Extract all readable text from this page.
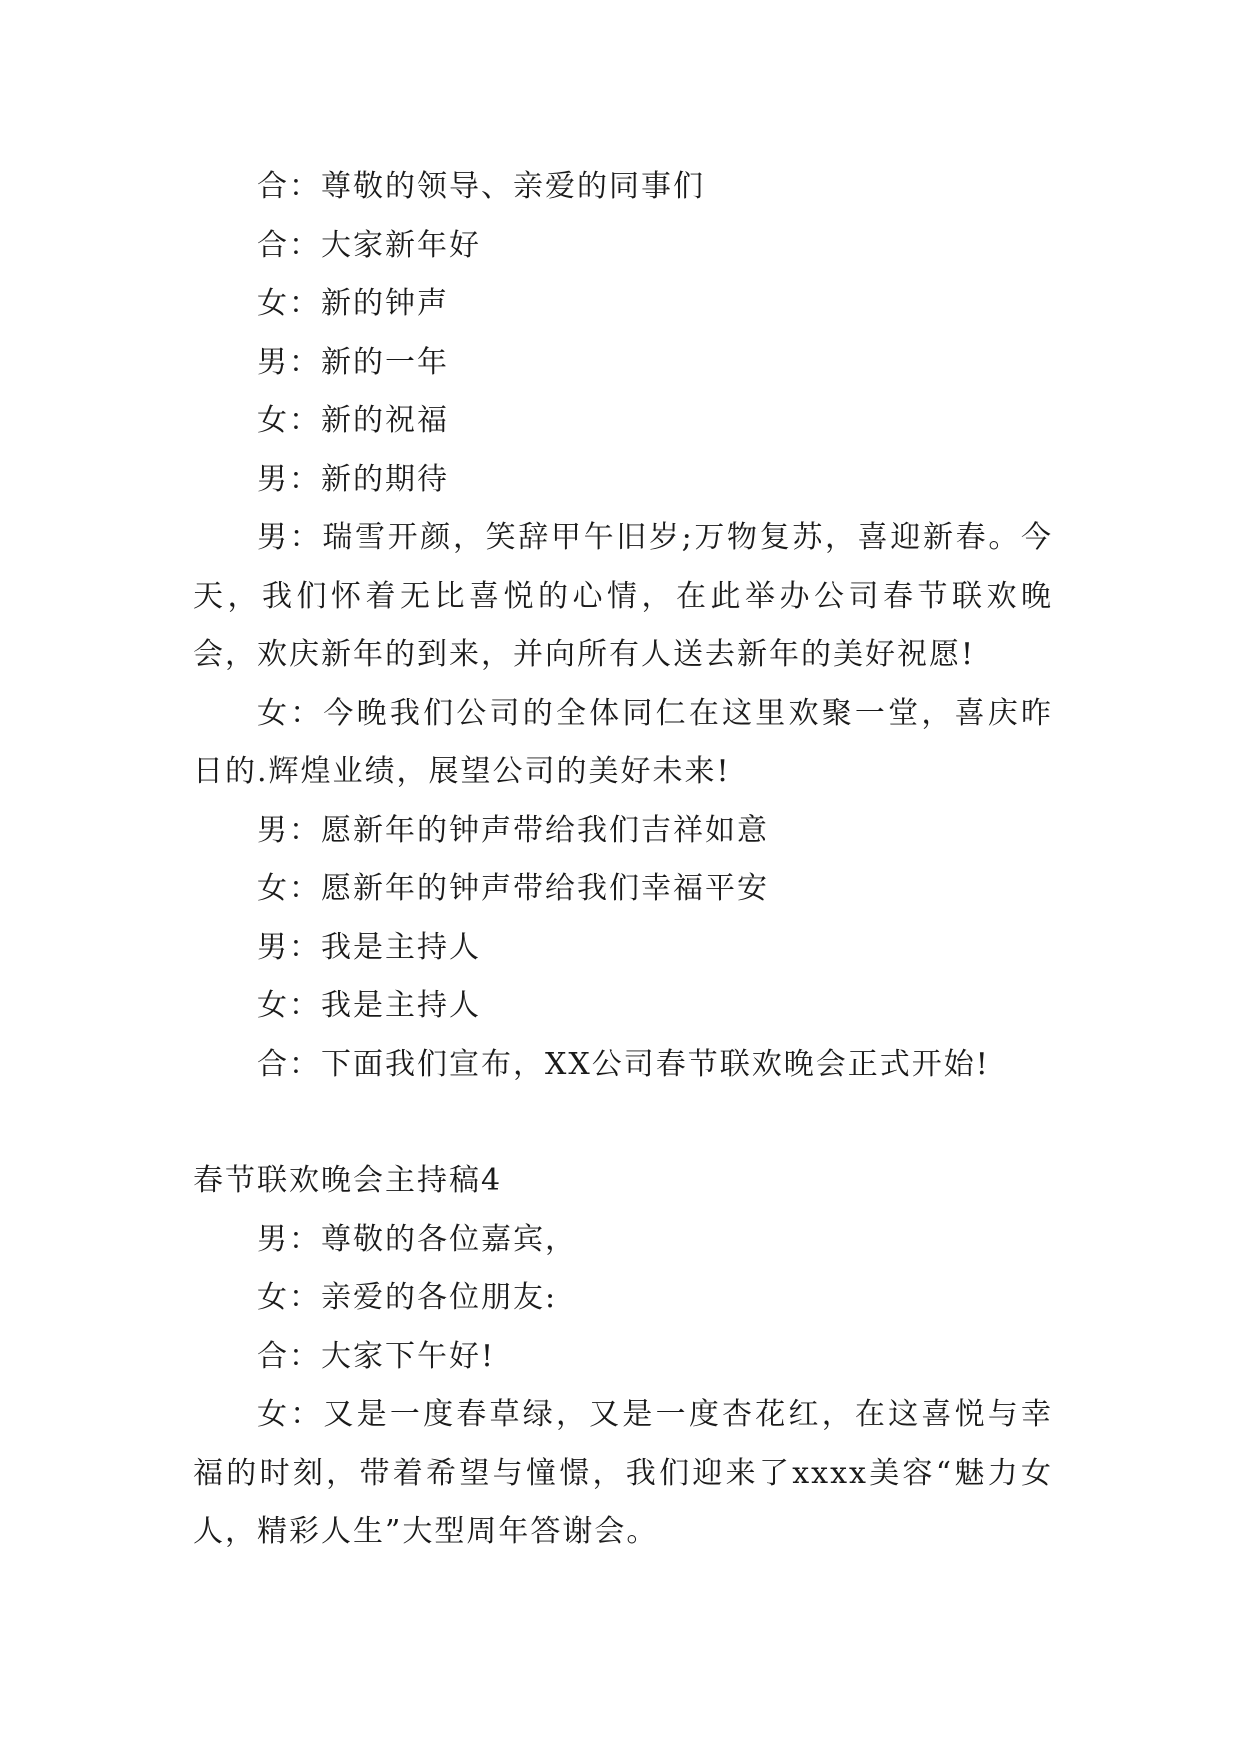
合：尊敬的领导、亲爱的同事们

合：大家新年好

女：新的钟声

男：新的一年

女：新的祝福

男：新的期待

男：瑞雪开颜，笑辞甲午旧岁;万物复苏，喜迎新春。今天，我们怀着无比喜悦的心情，在此举办公司春节联欢晚会，欢庆新年的到来，并向所有人送去新年的美好祝愿!

女：今晚我们公司的全体同仁在这里欢聚一堂，喜庆昨日的.辉煌业绩，展望公司的美好未来!

男：愿新年的钟声带给我们吉祥如意

女：愿新年的钟声带给我们幸福平安

男：我是主持人

女：我是主持人

合：下面我们宣布，XX公司春节联欢晚会正式开始!

春节联欢晚会主持稿4

男：尊敬的各位嘉宾，

女：亲爱的各位朋友:

合：大家下午好!

女：又是一度春草绿，又是一度杏花红，在这喜悦与幸福的时刻，带着希望与憧憬，我们迎来了xxxx美容“魅力女人，精彩人生”大型周年答谢会。
